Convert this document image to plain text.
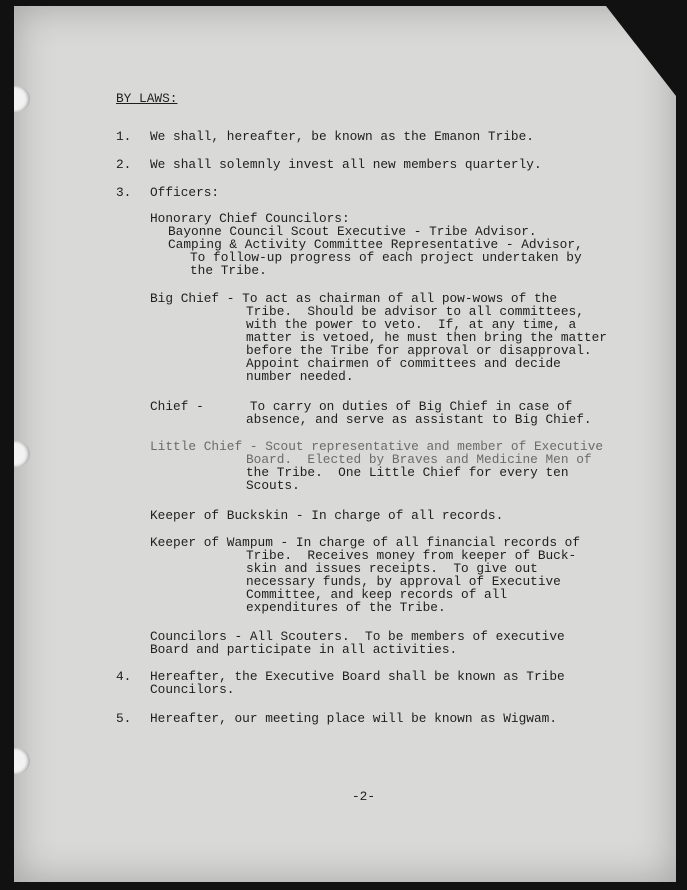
BY LAWS:
1. We shall, hereafter, be known as the Emanon Tribe.
2. We shall solemnly invest all new members quarterly.
3. Officers:
Honorary Chief Councilors:
Bayonne Council Scout Executive - Tribe Advisor.
Camping & Activity Committee Representative - Advisor,
To follow-up progress of each project undertaken by
the Tribe.
Big Chief - To act as chairman of all pow-wows of the
Tribe.  Should be advisor to all committees,
with the power to veto.  If, at any time, a
matter is vetoed, he must then bring the matter
before the Tribe for approval or disapproval.
Appoint chairmen of committees and decide
number needed.
Chief -      To carry on duties of Big Chief in case of
absence, and serve as assistant to Big Chief.
Little Chief - Scout representative and member of Executive
Board.  Elected by Braves and Medicine Men of
the Tribe.  One Little Chief for every ten
Scouts.
Keeper of Buckskin - In charge of all records.
Keeper of Wampum - In charge of all financial records of
Tribe.  Receives money from keeper of Buck-
skin and issues receipts.  To give out
necessary funds, by approval of Executive
Committee, and keep records of all
expenditures of the Tribe.
Councilors - All Scouters.  To be members of executive
Board and participate in all activities.
4. Hereafter, the Executive Board shall be known as Tribe
Councilors.
5. Hereafter, our meeting place will be known as Wigwam.
-2-
